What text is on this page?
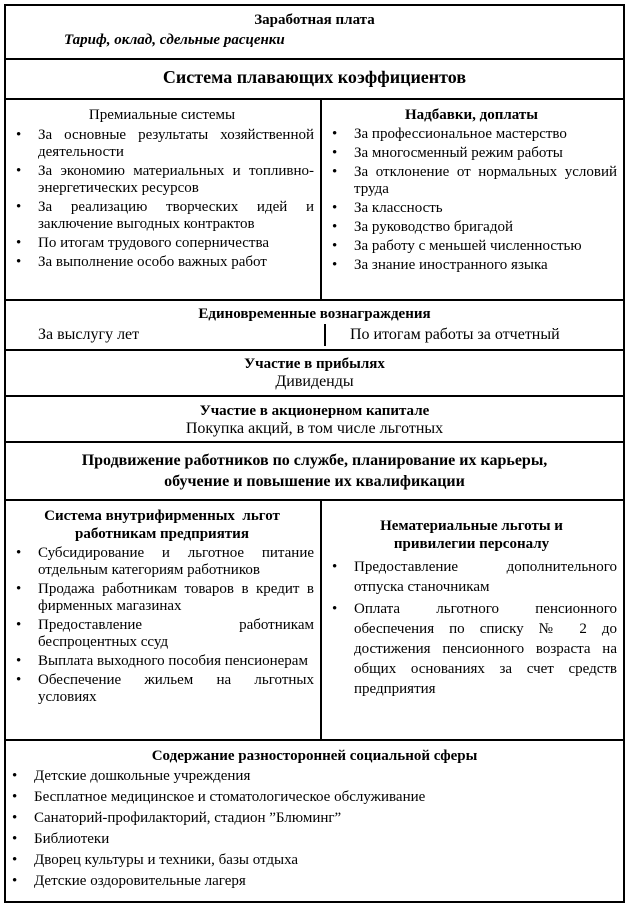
Заработная плата
Тариф, оклад, сдельные расценки
Система плавающих коэффициентов
Премиальные системы
• За основные результаты хозяйственной деятельности
• За экономию материальных и топливно-энергетических ресурсов
• За реализацию творческих идей и заключение выгодных контрактов
• По итогам трудового соперничества
• За выполнение особо важных работ
Надбавки, доплаты
• За профессиональное мастерство
• За многосменный режим работы
• За отклонение от нормальных условий труда
• За классность
• За руководство бригадой
• За работу с меньшей численностью
• За знание иностранного языка
Единовременные вознаграждения
За выслугу лет	По итогам работы за отчетный
Участие в прибылях
Дивиденды
Участие в акционерном капитале
Покупка акций, в том числе льготных
Продвижение работников по службе, планирование их карьеры,
обучение и повышение их квалификации
Система внутрифирменных  льгот
работникам предприятия
• Субсидирование и льготное питание отдельным категориям работников
• Продажа работникам товаров в кредит в фирменных магазинах
• Предоставление работникам беспроцентных ссуд
• Выплата выходного пособия пенсионерам
• Обеспечение жильем на льготных условиях
Нематериальные льготы и
привилегии персоналу
• Предоставление дополнительного отпуска станочникам
• Оплата льготного пенсионного обеспечения по списку № 2 до достижения пенсионного возраста на общих основаниях за счет средств предприятия
Содержание разносторонней социальной сферы
• Детские дошкольные учреждения
• Бесплатное медицинское и стоматологическое обслуживание
• Санаторий-профилакторий, стадион ”Блюминг”
• Библиотеки
• Дворец культуры и техники, базы отдыха
• Детские оздоровительные лагеря
